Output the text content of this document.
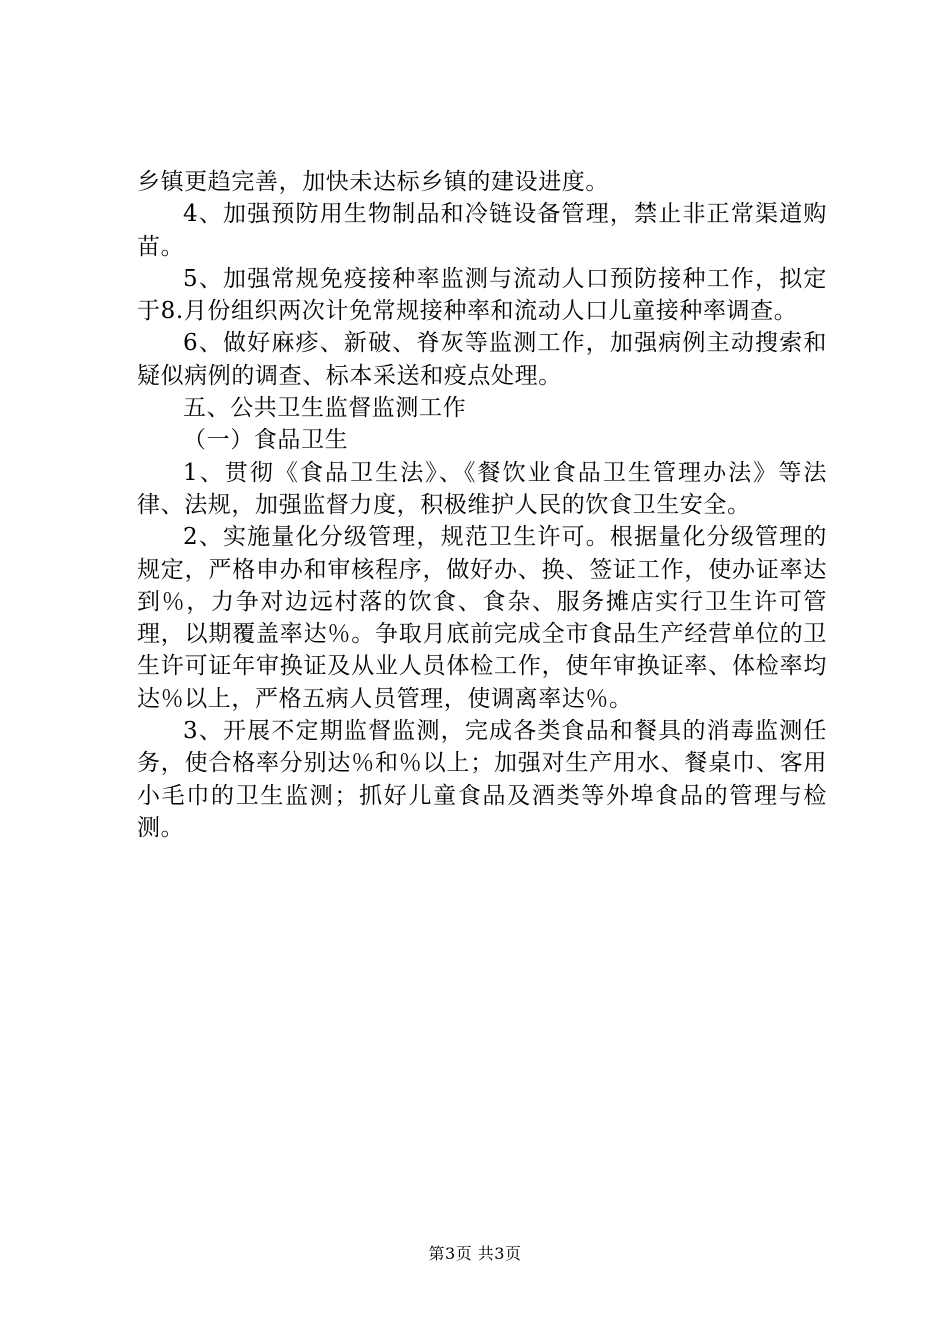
乡镇更趋完善，加快未达标乡镇的建设进度。

4、加强预防用生物制品和冷链设备管理，禁止非正常渠道购苗。

5、加强常规免疫接种率监测与流动人口预防接种工作，拟定于8.月份组织两次计免常规接种率和流动人口儿童接种率调查。

6、做好麻疹、新破、脊灰等监测工作，加强病例主动搜索和疑似病例的调查、标本采送和疫点处理。

五、公共卫生监督监测工作

（一）食品卫生

1、贯彻《食品卫生法》、《餐饮业食品卫生管理办法》等法律、法规，加强监督力度，积极维护人民的饮食卫生安全。

2、实施量化分级管理，规范卫生许可。根据量化分级管理的规定，严格申办和审核程序，做好办、换、签证工作，使办证率达到％，力争对边远村落的饮食、食杂、服务摊店实行卫生许可管理，以期覆盖率达％。争取月底前完成全市食品生产经营单位的卫生许可证年审换证及从业人员体检工作，使年审换证率、体检率均达％以上，严格五病人员管理，使调离率达％。

3、开展不定期监督监测，完成各类食品和餐具的消毒监测任务，使合格率分别达％和％以上；加强对生产用水、餐桌巾、客用小毛巾的卫生监测；抓好儿童食品及酒类等外埠食品的管理与检测。

第3页 共3页
